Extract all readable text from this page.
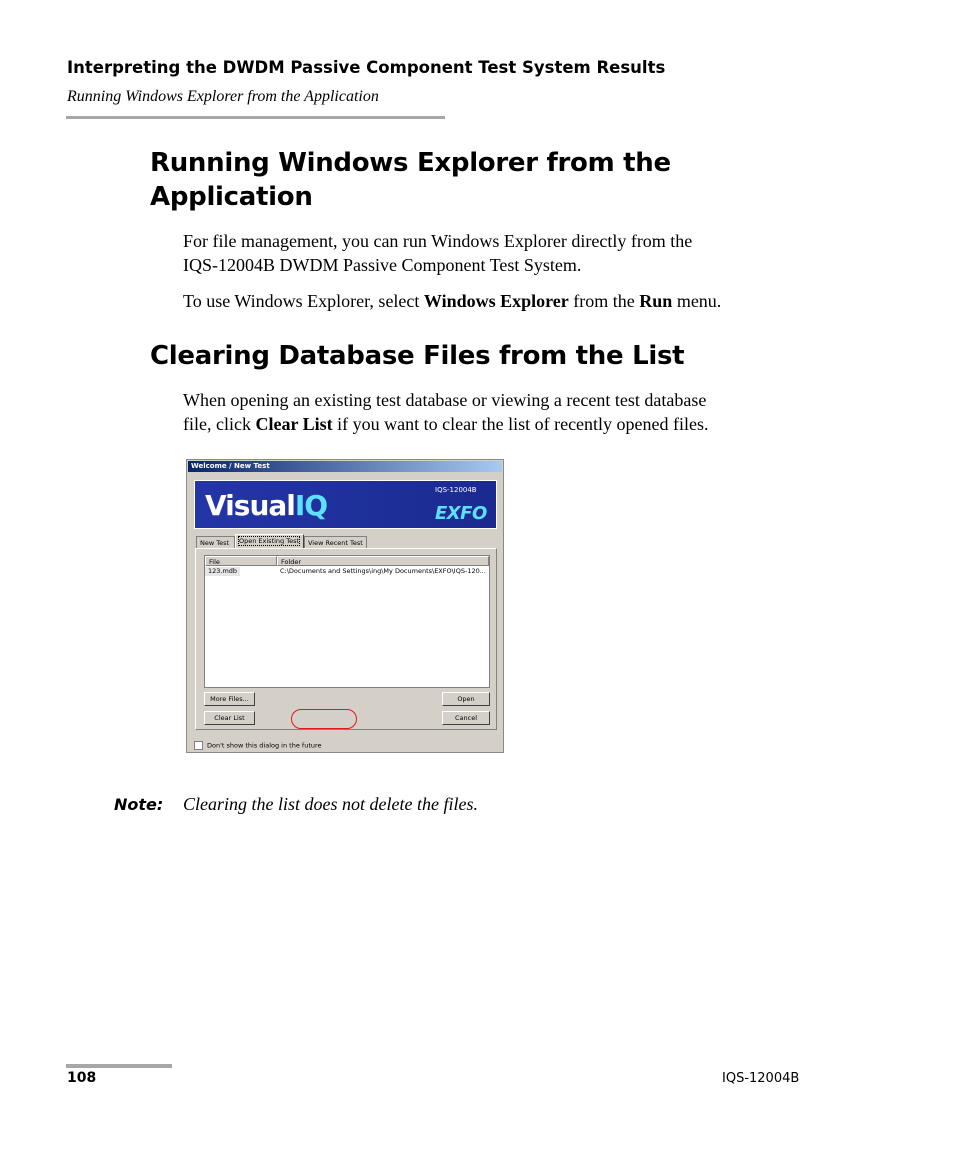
Interpreting the DWDM Passive Component Test System Results
Running Windows Explorer from the Application
Running Windows Explorer from the
Application

For file management, you can run Windows Explorer directly from the
IQS-12004B DWDM Passive Component Test System.

To use Windows Explorer, select Windows Explorer from the Run menu.

Clearing Database Files from the List

When opening an existing test database or viewing a recent test database
file, click Clear List if you want to clear the list of recently opened files.

Welcome / New Test
VisualIQ	IQS-12004B
EXFO
New Test	Open Existing Test	View Recent Test
File	Folder
123.mdb	C:\Documents and Settings\ing\My Documents\EXFO\IQS-120...
More Files...
Clear List
Open
Cancel
Don't show this dialog in the future
Note: Clearing the list does not delete the files.
108	IQS-12004B
